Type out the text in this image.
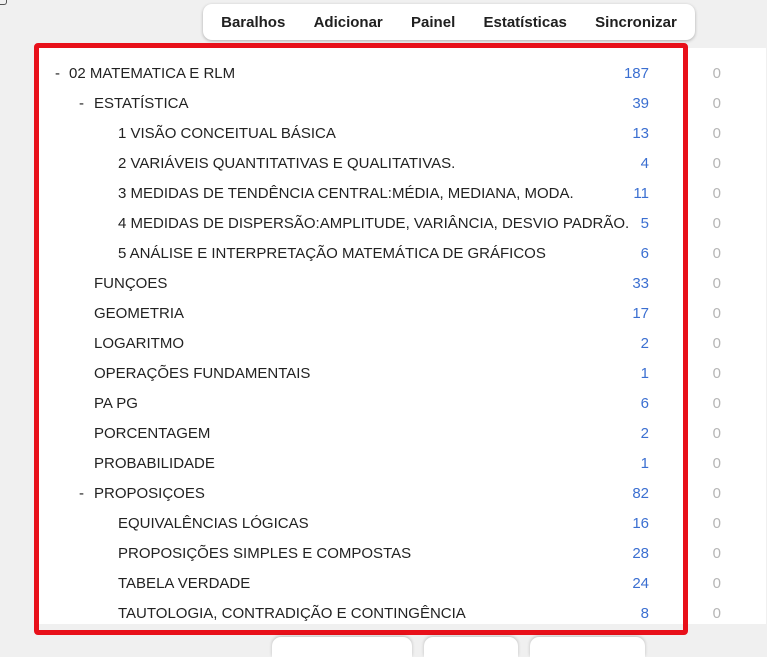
Baralhos	Adicionar	Painel	Estatísticas	Sincronizar
- 02 MATEMATICA E RLM	187	0
- ESTATÍSTICA	39	0
1 VISÃO CONCEITUAL BÁSICA	13	0
2 VARIÁVEIS QUANTITATIVAS E QUALITATIVAS.	4	0
3 MEDIDAS DE TENDÊNCIA CENTRAL:MÉDIA, MEDIANA, MODA.	11	0
4 MEDIDAS DE DISPERSÃO:AMPLITUDE, VARIÂNCIA, DESVIO PADRÃO. 5	0
5 ANÁLISE E INTERPRETAÇÃO MATEMÁTICA DE GRÁFICOS	6	0
FUNÇOES	33	0
GEOMETRIA	17	0
LOGARITMO	2	0
OPERAÇÕES FUNDAMENTAIS	1	0
PA PG	6	0
PORCENTAGEM	2	0
PROBABILIDADE	1	0
- PROPOSIÇOES	82	0
EQUIVALÊNCIAS LÓGICAS	16	0
PROPOSIÇÕES SIMPLES E COMPOSTAS	28	0
TABELA VERDADE	24	0
TAUTOLOGIA, CONTRADIÇÃO E CONTINGÊNCIA	8	0
